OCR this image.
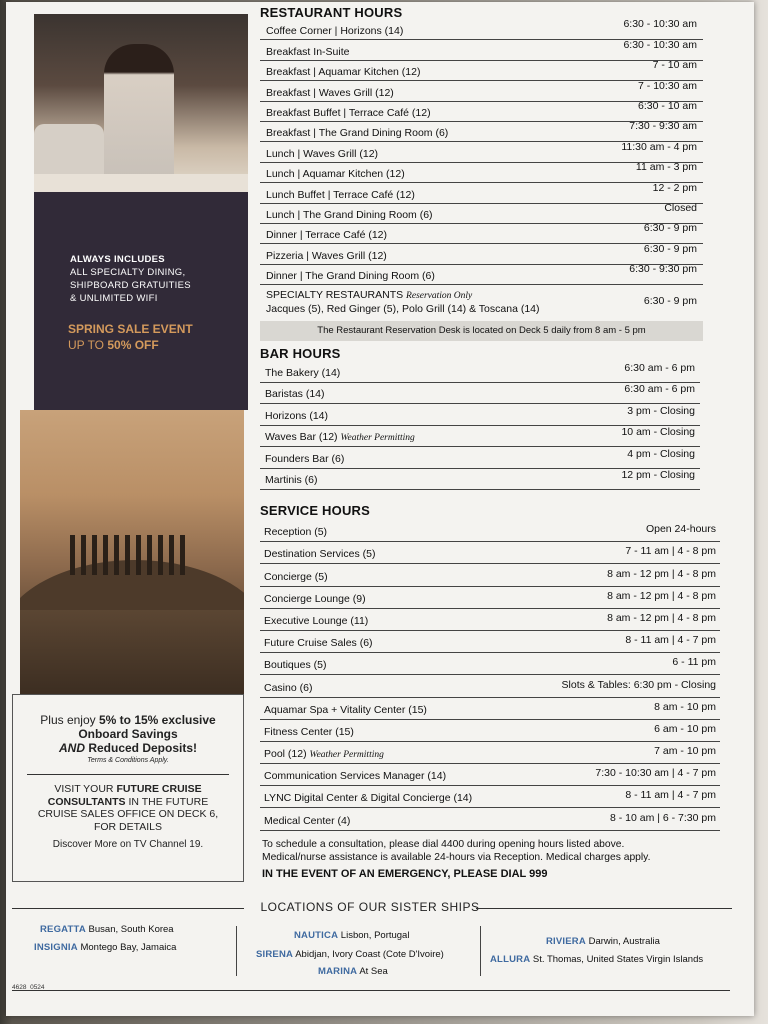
ALWAYS INCLUDES
ALL SPECIALTY DINING,
SHIPBOARD GRATUITIES
& UNLIMITED WIFI
SPRING SALE EVENT
UP TO 50% OFF
Plus enjoy 5% to 15% exclusive
Onboard Savings
AND Reduced Deposits!
Terms & Conditions Apply.
VISIT YOUR FUTURE CRUISE
CONSULTANTS IN THE FUTURE
CRUISE SALES OFFICE ON DECK 6,
FOR DETAILS
Discover More on TV Channel 19.
RESTAURANT HOURS
Coffee Corner | Horizons (14)
6:30 - 10:30 am
Breakfast In-Suite
6:30 - 10:30 am
Breakfast | Aquamar Kitchen (12)
7 - 10 am
Breakfast | Waves Grill (12)
7 - 10:30 am
Breakfast Buffet | Terrace Café (12)
6:30 - 10 am
Breakfast | The Grand Dining Room (6)
7:30 - 9:30 am
Lunch | Waves Grill (12)
11:30 am - 4 pm
Lunch | Aquamar Kitchen (12)
11 am - 3 pm
Lunch Buffet | Terrace Café (12)
12 - 2 pm
Lunch | The Grand Dining Room (6)
Closed
Dinner | Terrace Café (12)
6:30 - 9 pm
Pizzeria | Waves Grill (12)
6:30 - 9 pm
Dinner | The Grand Dining Room (6)
6:30 - 9:30 pm
SPECIALTY RESTAURANTS Reservation Only
Jacques (5), Red Ginger (5), Polo Grill (14) & Toscana (14)
6:30 - 9 pm
The Restaurant Reservation Desk is located on Deck 5 daily from 8 am - 5 pm
BAR HOURS
The Bakery (14)	6:30 am - 6 pm
Baristas (14)	6:30 am - 6 pm
Horizons (14)	3 pm - Closing
Waves Bar (12) Weather Permitting	10 am - Closing
Founders Bar (6)	4 pm - Closing
Martinis (6)	12 pm - Closing
SERVICE HOURS
Reception (5)	Open 24-hours
Destination Services (5)	7 - 11 am | 4 - 8 pm
Concierge (5)	8 am - 12 pm | 4 - 8 pm
Concierge Lounge (9)	8 am - 12 pm | 4 - 8 pm
Executive Lounge (11)	8 am - 12 pm | 4 - 8 pm
Future Cruise Sales (6)	8 - 11 am | 4 - 7 pm
Boutiques (5)	6 - 11 pm
Casino (6)	Slots & Tables: 6:30 pm - Closing
Aquamar Spa + Vitality Center (15)	8 am - 10 pm
Fitness Center (15)	6 am - 10 pm
Pool (12) Weather Permitting	7 am - 10 pm
Communication Services Manager (14)	7:30 - 10:30 am | 4 - 7 pm
LYNC Digital Center & Digital Concierge (14)	8 - 11 am | 4 - 7 pm
Medical Center (4)	8 - 10 am | 6 - 7:30 pm
To schedule a consultation, please dial 4400 during opening hours listed above.
Medical/nurse assistance is available 24-hours via Reception. Medical charges apply.
IN THE EVENT OF AN EMERGENCY, PLEASE DIAL 999
LOCATIONS OF OUR SISTER SHIPS
REGATTA Busan, South Korea
INSIGNIA Montego Bay, Jamaica
NAUTICA Lisbon, Portugal
SIRENA Abidjan, Ivory Coast (Cote D'Ivoire)
MARINA At Sea
RIVIERA Darwin, Australia
ALLURA St. Thomas, United States Virgin Islands
4628_0524
